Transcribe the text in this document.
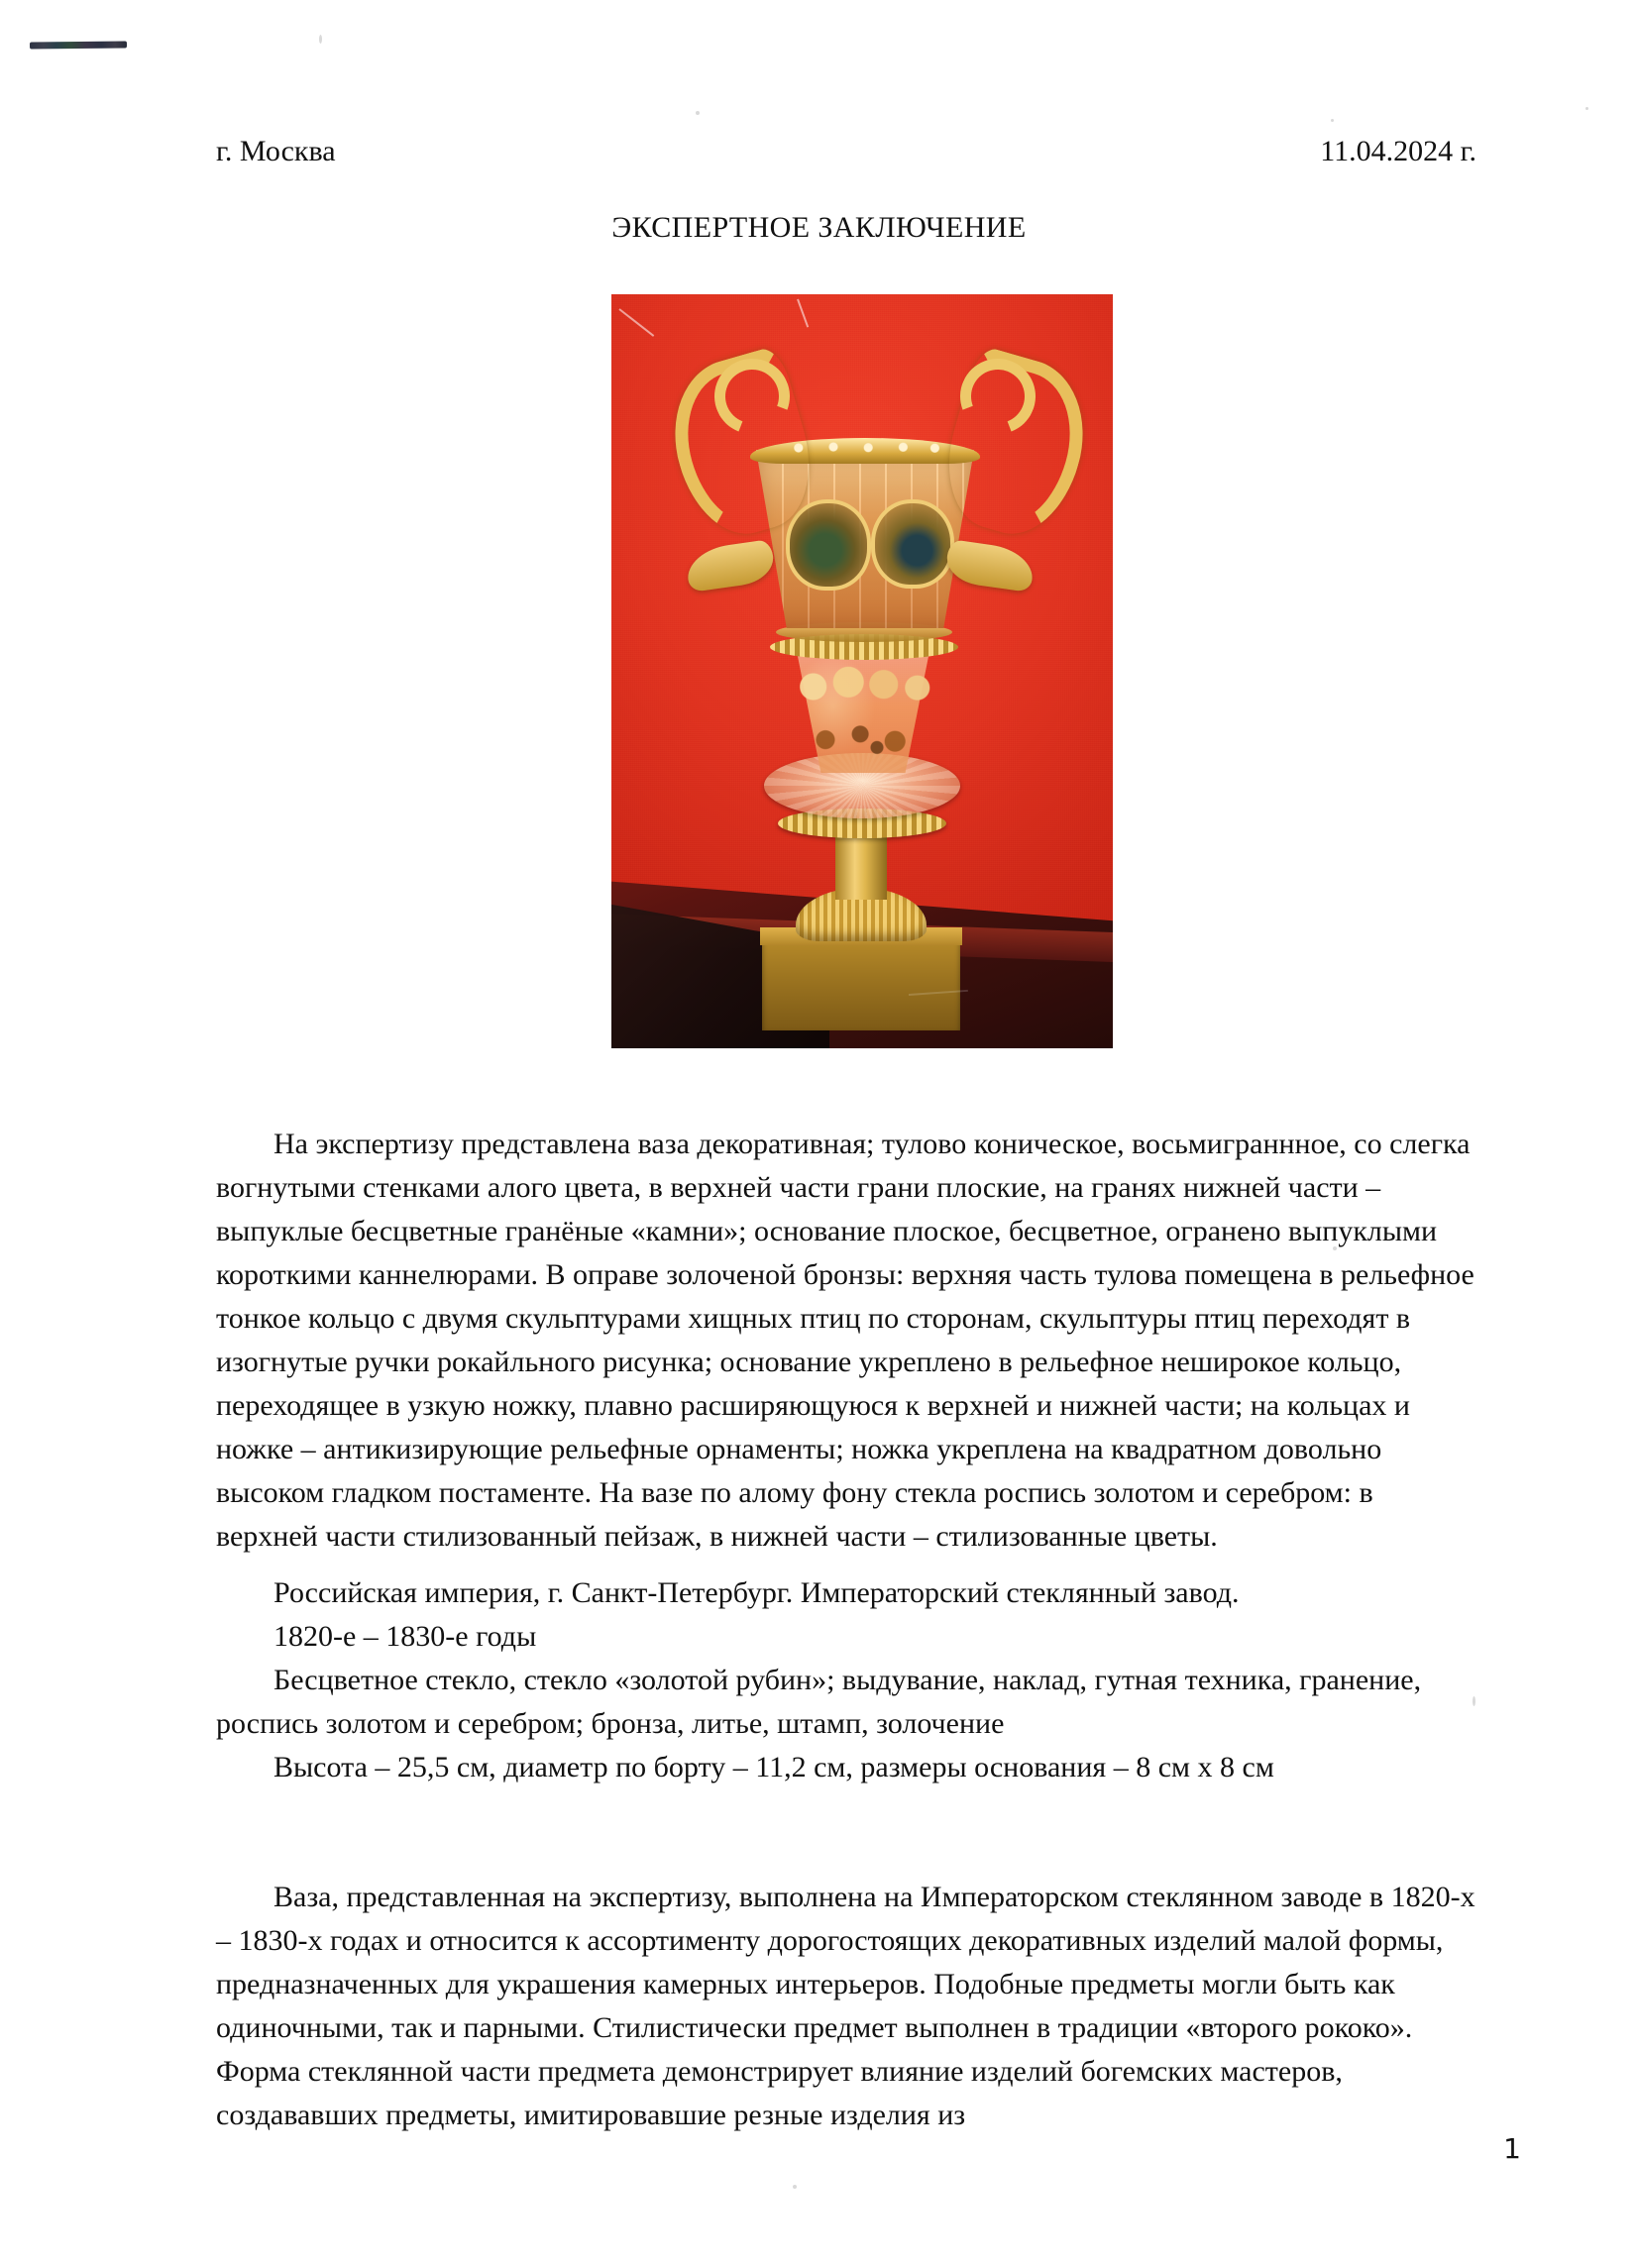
г. Москва	11.04.2024 г.
ЭКСПЕРТНОЕ ЗАКЛЮЧЕНИЕ

На экспертизу представлена ваза декоративная; тулово коническое, восьмиграннное, со слегка вогнутыми стенками алого цвета, в верхней части грани плоские, на гранях нижней части – выпуклые бесцветные гранёные «камни»; основание плоское, бесцветное, огранено выпуклыми короткими каннелюрами. В оправе золоченой бронзы: верхняя часть тулова помещена в рельефное тонкое кольцо с двумя скульптурами хищных птиц по сторонам, скульптуры птиц переходят в изогнутые ручки рокайльного рисунка; основание укреплено в рельефное неширокое кольцо, переходящее в узкую ножку, плавно расширяющуюся к верхней и нижней части; на кольцах и ножке – антикизирующие рельефные орнаменты; ножка укреплена на квадратном довольно высоком гладком постаменте. На вазе по алому фону стекла роспись золотом и серебром: в верхней части стилизованный пейзаж, в нижней части – стилизованные цветы.

Российская империя, г. Санкт-Петербург. Императорский стеклянный завод.

1820-е – 1830-е годы

Бесцветное стекло, стекло «золотой рубин»; выдувание, наклад, гутная техника, гранение, роспись золотом и серебром; бронза, литье, штамп, золочение

Высота – 25,5 см, диаметр по борту – 11,2 см, размеры основания – 8 см х 8 см

Ваза, представленная на экспертизу, выполнена на Императорском стеклянном заводе в 1820-х – 1830-х годах и относится к ассортименту дорогостоящих декоративных изделий малой формы, предназначенных для украшения камерных интерьеров. Подобные предметы могли быть как одиночными, так и парными. Стилистически предмет выполнен в традиции «второго рококо». Форма стеклянной части предмета демонстрирует влияние изделий богемских мастеров, создававших предметы, имитировавшие резные изделия из

1
